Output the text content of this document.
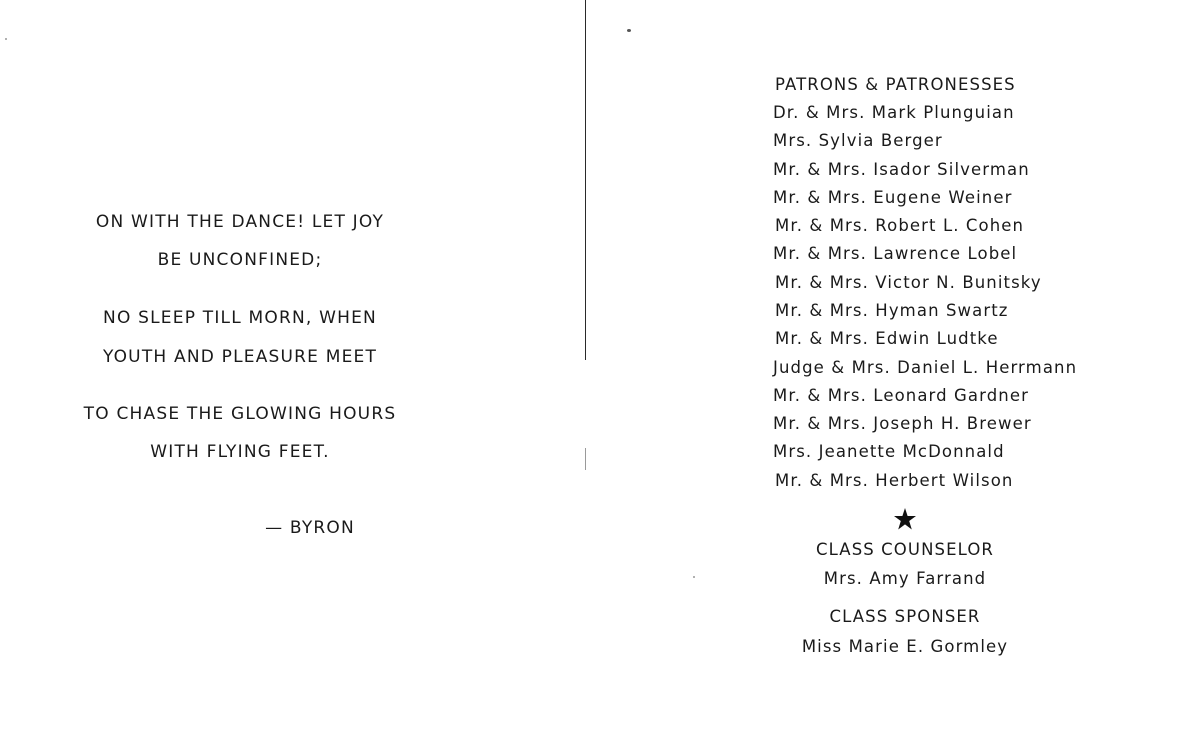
ON WITH THE DANCE! LET JOY
BE UNCONFINED;
NO SLEEP TILL MORN, WHEN
YOUTH AND PLEASURE MEET
TO CHASE THE GLOWING HOURS
WITH FLYING FEET.
— BYRON
PATRONS & PATRONESSES
Dr. & Mrs. Mark Plunguian
Mrs. Sylvia Berger
Mr. & Mrs. Isador Silverman
Mr. & Mrs. Eugene Weiner
Mr. & Mrs. Robert L. Cohen
Mr. & Mrs. Lawrence Lobel
Mr. & Mrs. Victor N. Bunitsky
Mr. & Mrs. Hyman Swartz
Mr. & Mrs. Edwin Ludtke
Judge & Mrs. Daniel L. Herrmann
Mr. & Mrs. Leonard Gardner
Mr. & Mrs. Joseph H. Brewer
Mrs. Jeanette McDonnald
Mr. & Mrs. Herbert Wilson
CLASS COUNSELOR
Mrs. Amy Farrand
CLASS SPONSER
Miss Marie E. Gormley
